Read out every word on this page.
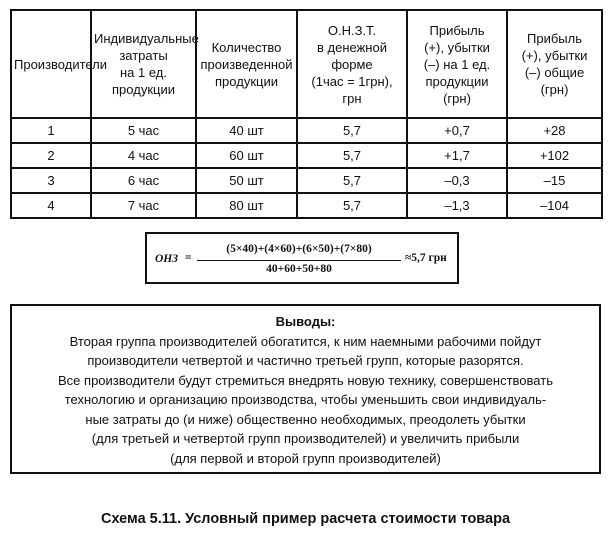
Производители	Индивидуальные
затраты
на 1 ед. продукции	Количество
произведенной
продукции	О.Н.З.Т.
в денежной
форме
(1час = 1грн),
грн	Прибыль
(+), убытки
(–) на 1 ед.
продукции
(грн)	Прибыль
(+), убытки
(–) общие
(грн)

1	5 час	40 шт	5,7	+0,7	+28
2	4 час	60 шт	5,7	+1,7	+102
3	6 час	50 шт	5,7	–0,3	–15
4	7 час	80 шт	5,7	–1,3	–104
ОНЗ =
(5×40)+(4×60)+(6×50)+(7×80)
40+60+50+80
≈5,7 грн
Выводы:
Вторая группа производителей обогатится, к ним наемными рабочими пойдут
производители четвертой и частично третьей групп, которые разорятся.
Все производители будут стремиться внедрять новую технику, совершенствовать
технологию и организацию производства, чтобы уменьшить свои индивидуаль-
ные затраты до (и ниже) общественно необходимых, преодолеть убытки
(для третьей и четвертой групп производителей) и увеличить прибыли
(для первой и второй групп производителей)
Схема 5.11. Условный пример расчета стоимости товара
